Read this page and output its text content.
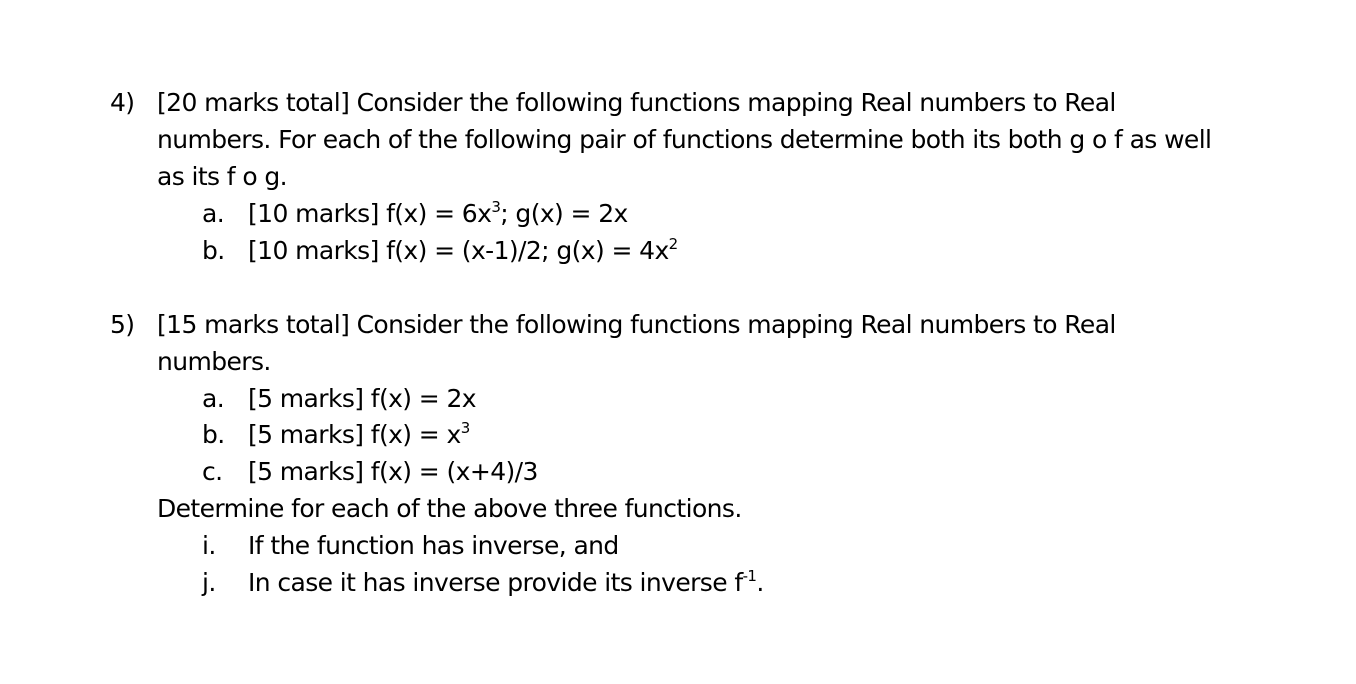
4) [20 marks total] Consider the following functions mapping Real numbers to Real
numbers. For each of the following pair of functions determine both its both g o f as well
as its f o g.
a. [10 marks] $f(x) = 6x^3$; g(x) = 2x
b. [10 marks] f(x) = (x-1)/2; $g(x) = 4x^2$
5) [15 marks total] Consider the following functions mapping Real numbers to Real
numbers.
a. [5 marks] f(x) = 2x
b. [5 marks] $f(x) = x^3$
c. [5 marks] f(x) = (x+4)/3
Determine for each of the above three functions.
i. If the function has inverse, and
j. In case it has inverse provide its inverse $f^{-1}$.
